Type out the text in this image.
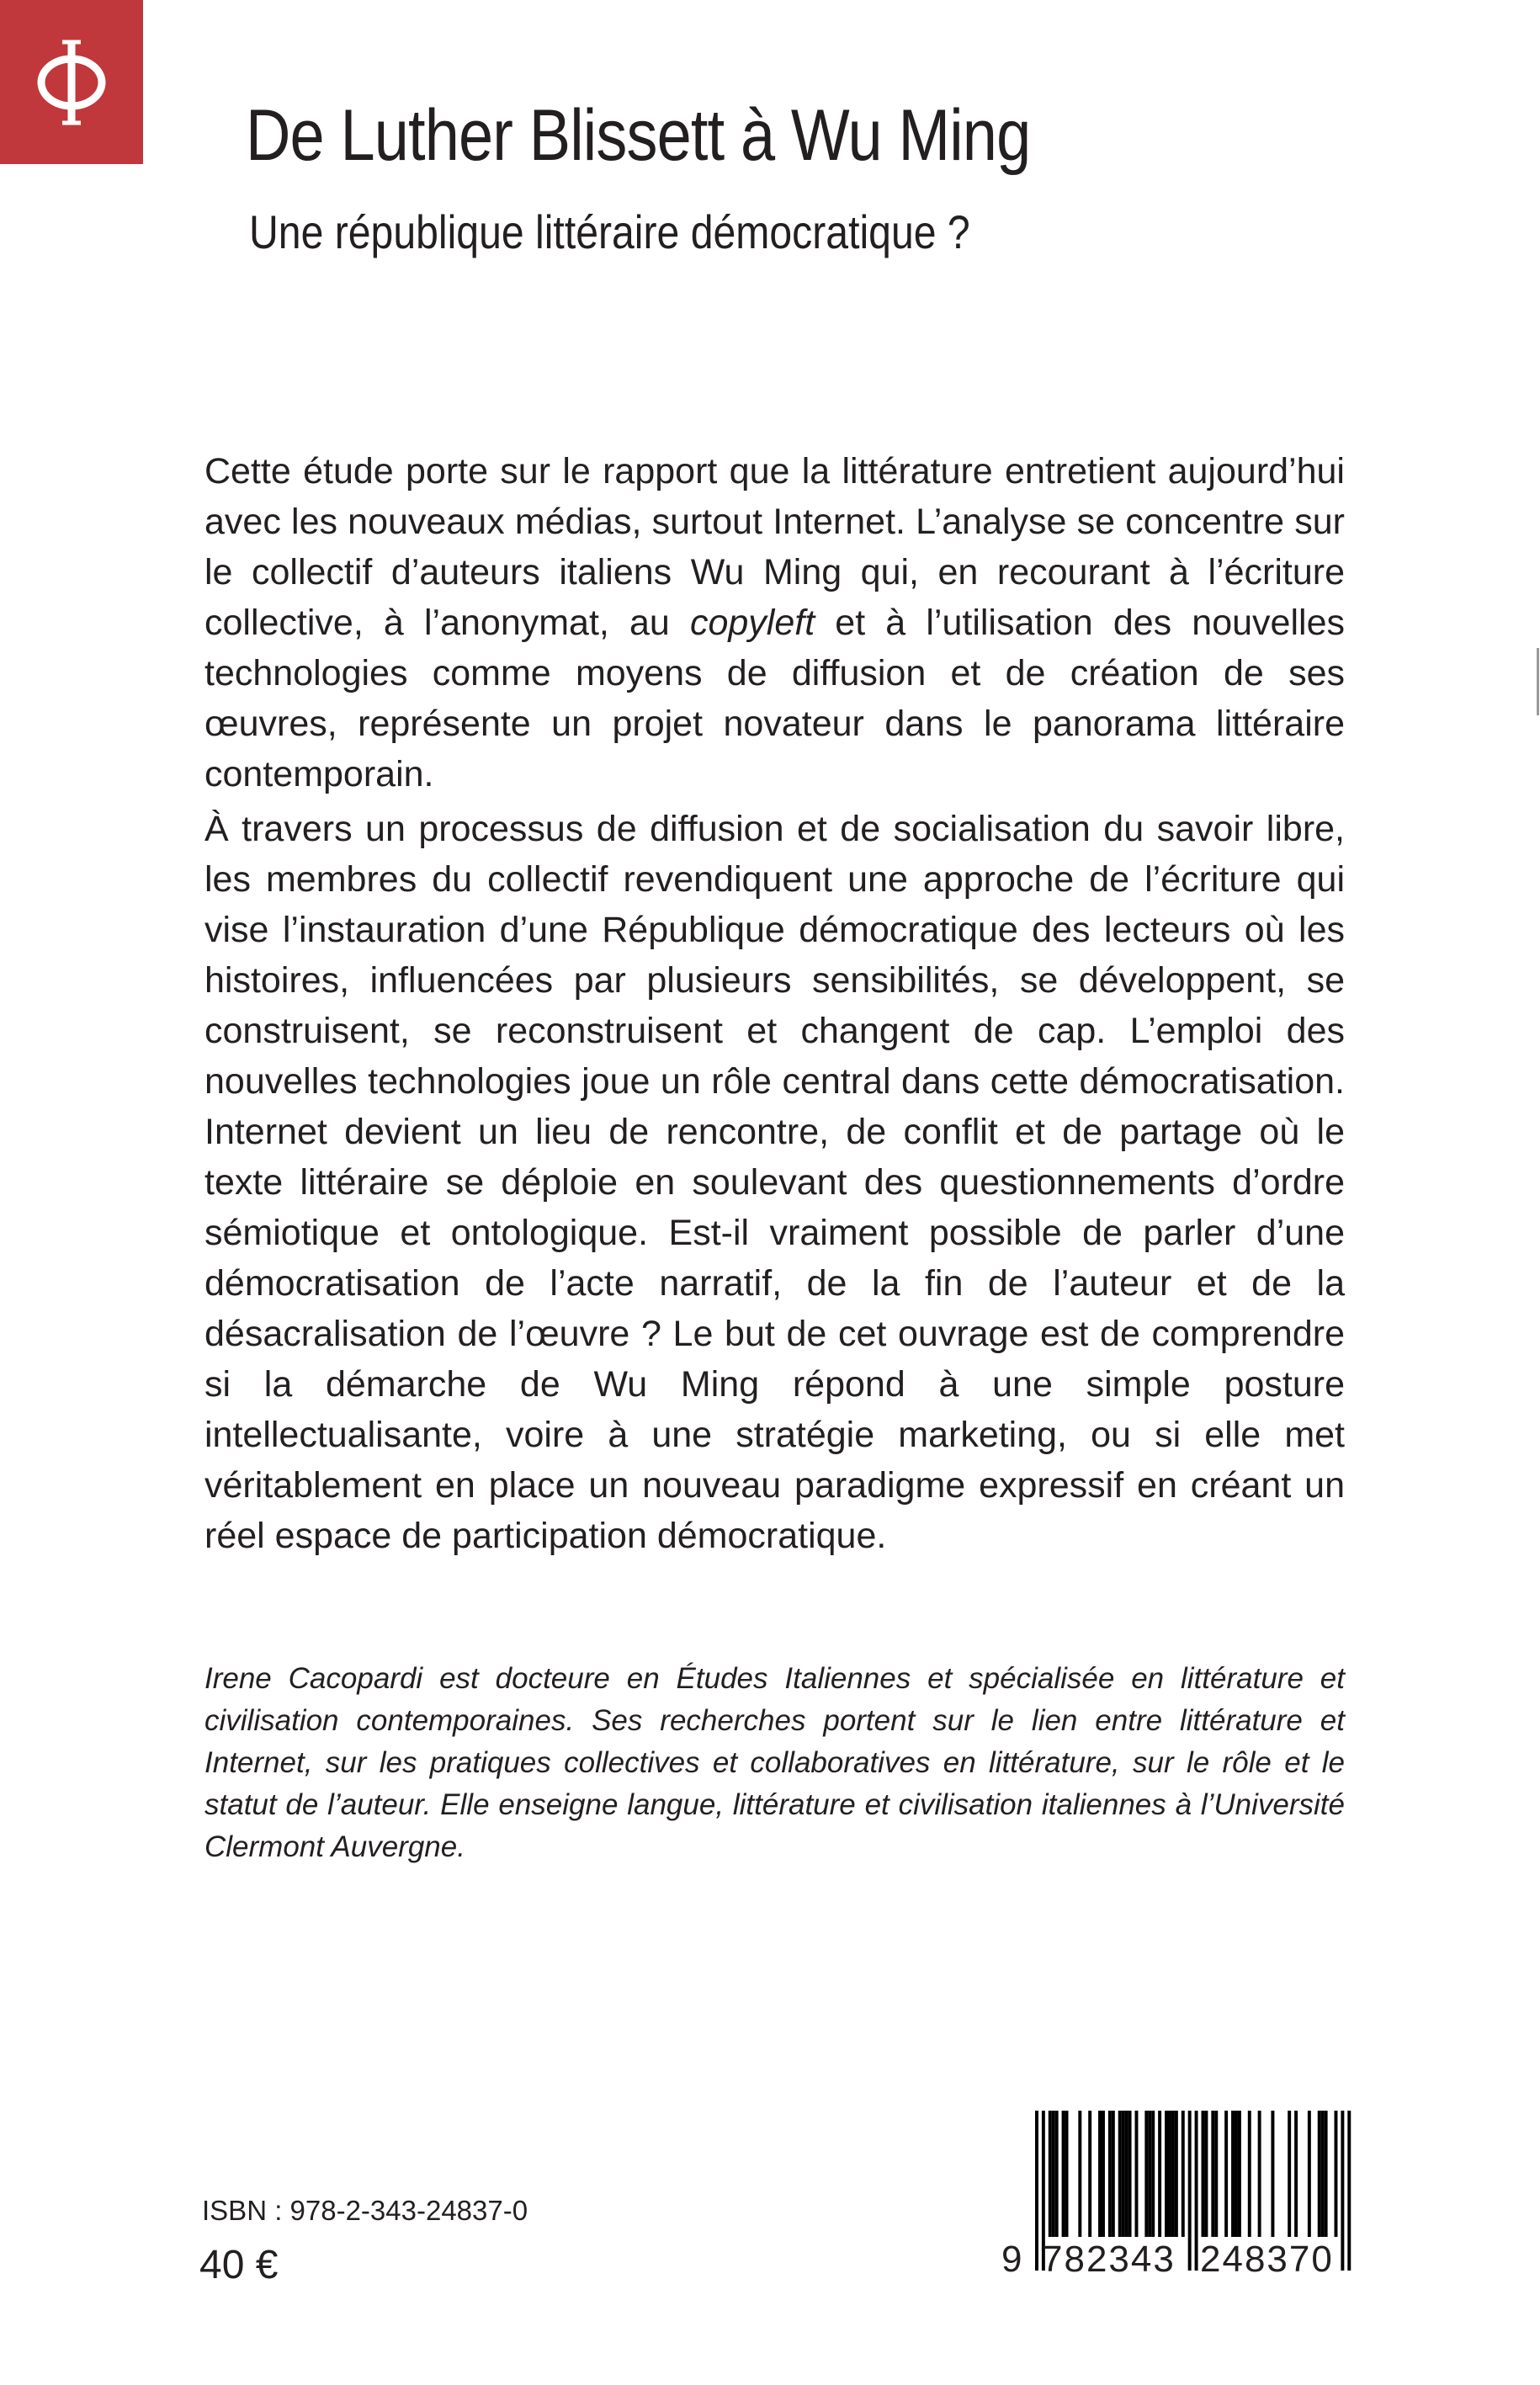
De Luther Blissett à Wu Ming
Une république littéraire démocratique ?
Cette étude porte sur le rapport que la littérature entretient aujourd’hui avec les nouveaux médias, surtout Internet. L’analyse se concentre sur le collectif d’auteurs italiens Wu Ming qui, en recourant à l’écriture collective, à l’anonymat, au copyleft et à l’utilisation des nouvelles technologies comme moyens de diffusion et de création de ses œuvres, représente un projet novateur dans le panorama littéraire contemporain.
À travers un processus de diffusion et de socialisation du savoir libre, les membres du collectif revendiquent une approche de l’écriture qui vise l’instauration d’une République démocratique des lecteurs où les histoires, influencées par plusieurs sensibilités, se développent, se construisent, se reconstruisent et changent de cap. L’emploi des nouvelles technologies joue un rôle central dans cette démocratisation. Internet devient un lieu de rencontre, de conflit et de partage où le texte littéraire se déploie en soulevant des questionnements d’ordre sémiotique et ontologique. Est-il vraiment possible de parler d’une démocratisation de l’acte narratif, de la fin de l’auteur et de la désacralisation de l’œuvre ? Le but de cet ouvrage est de comprendre si la démarche de Wu Ming répond à une simple posture intellectualisante, voire à une stratégie marketing, ou si elle met véritablement en place un nouveau paradigme expressif en créant un réel espace de participation démocratique.
Irene Cacopardi est docteure en Études Italiennes et spécialisée en littérature et civilisation contemporaines. Ses recherches portent sur le lien entre littérature et Internet, sur les pratiques collectives et collaboratives en littérature, sur le rôle et le statut de l’auteur. Elle enseigne langue, littérature et civilisation italiennes à l’Université Clermont Auvergne.
ISBN : 978-2-343-24837-0
40 €	9 782343 248370
